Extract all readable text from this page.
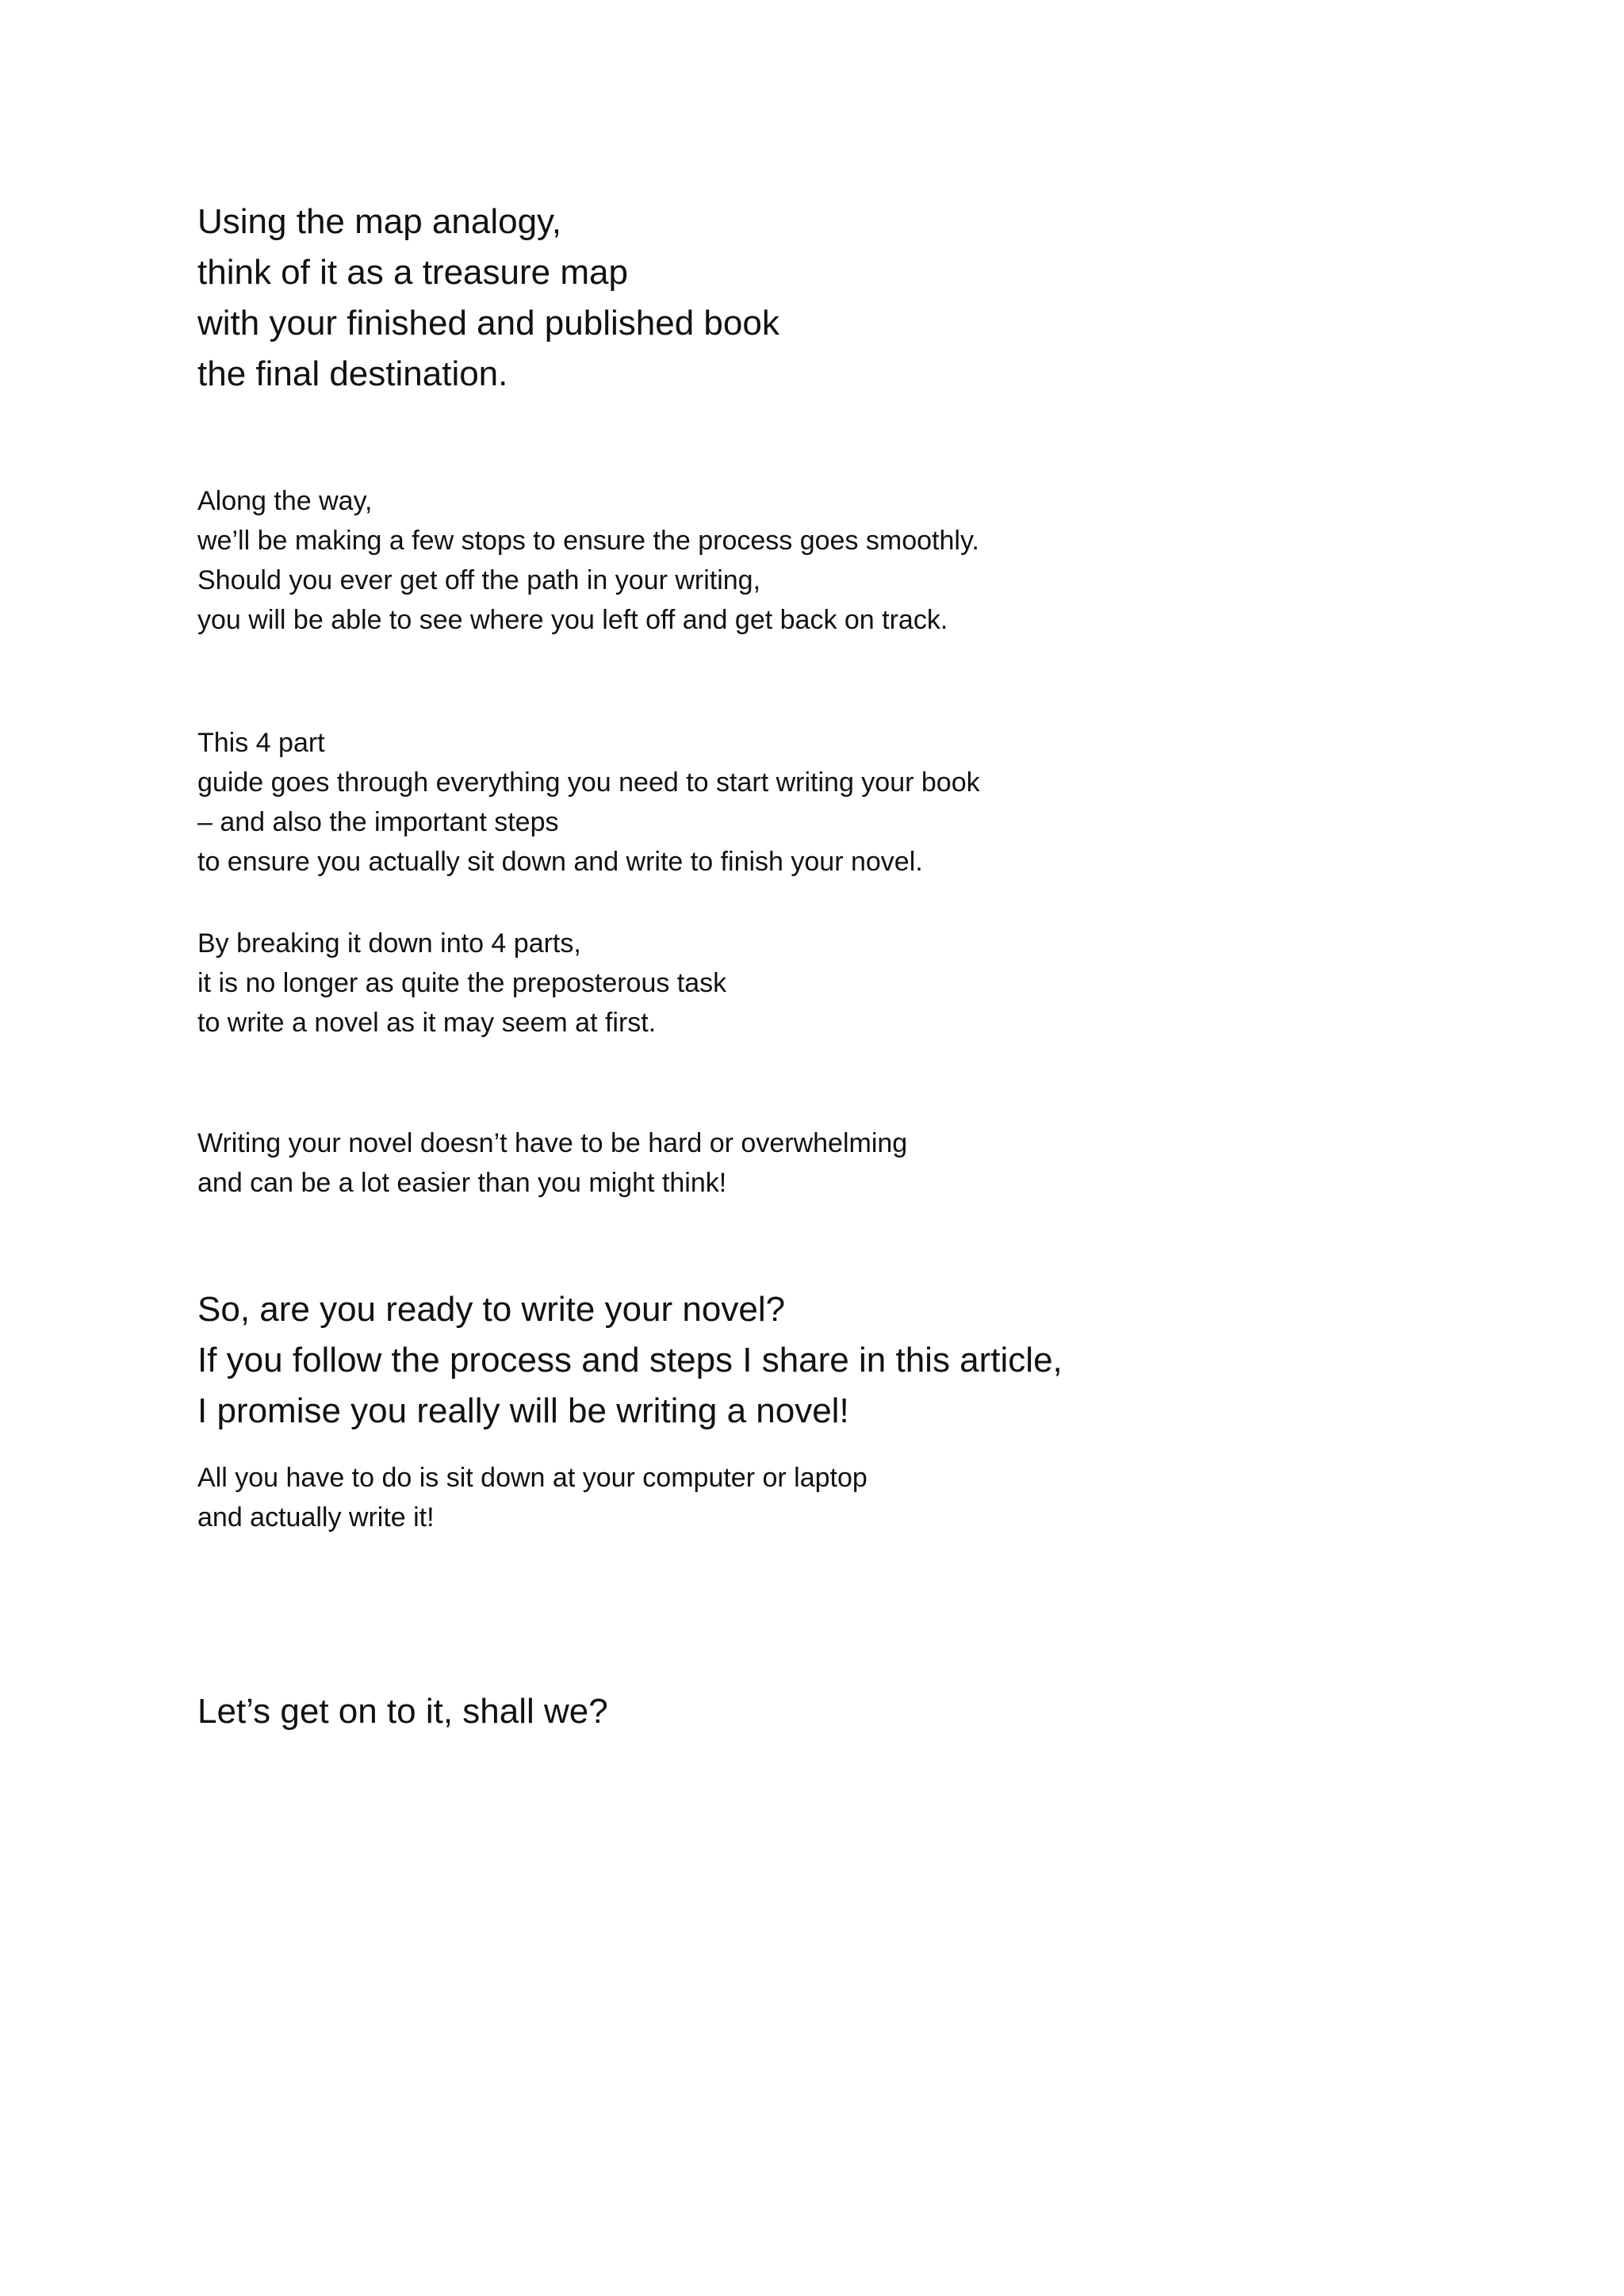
Using the map analogy,
think of it as a treasure map
with your finished and published book
the final destination.
Along the way,
we’ll be making a few stops to ensure the process goes smoothly.
Should you ever get off the path in your writing,
you will be able to see where you left off and get back on track.
This 4 part
guide goes through everything you need to start writing your book
– and also the important steps
to ensure you actually sit down and write to finish your novel.
By breaking it down into 4 parts,
it is no longer as quite the preposterous task
to write a novel as it may seem at first.
Writing your novel doesn’t have to be hard or overwhelming
and can be a lot easier than you might think!
So, are you ready to write your novel?
If you follow the process and steps I share in this article,
I promise you really will be writing a novel!
All you have to do is sit down at your computer or laptop
and actually write it!
Let’s get on to it, shall we?
